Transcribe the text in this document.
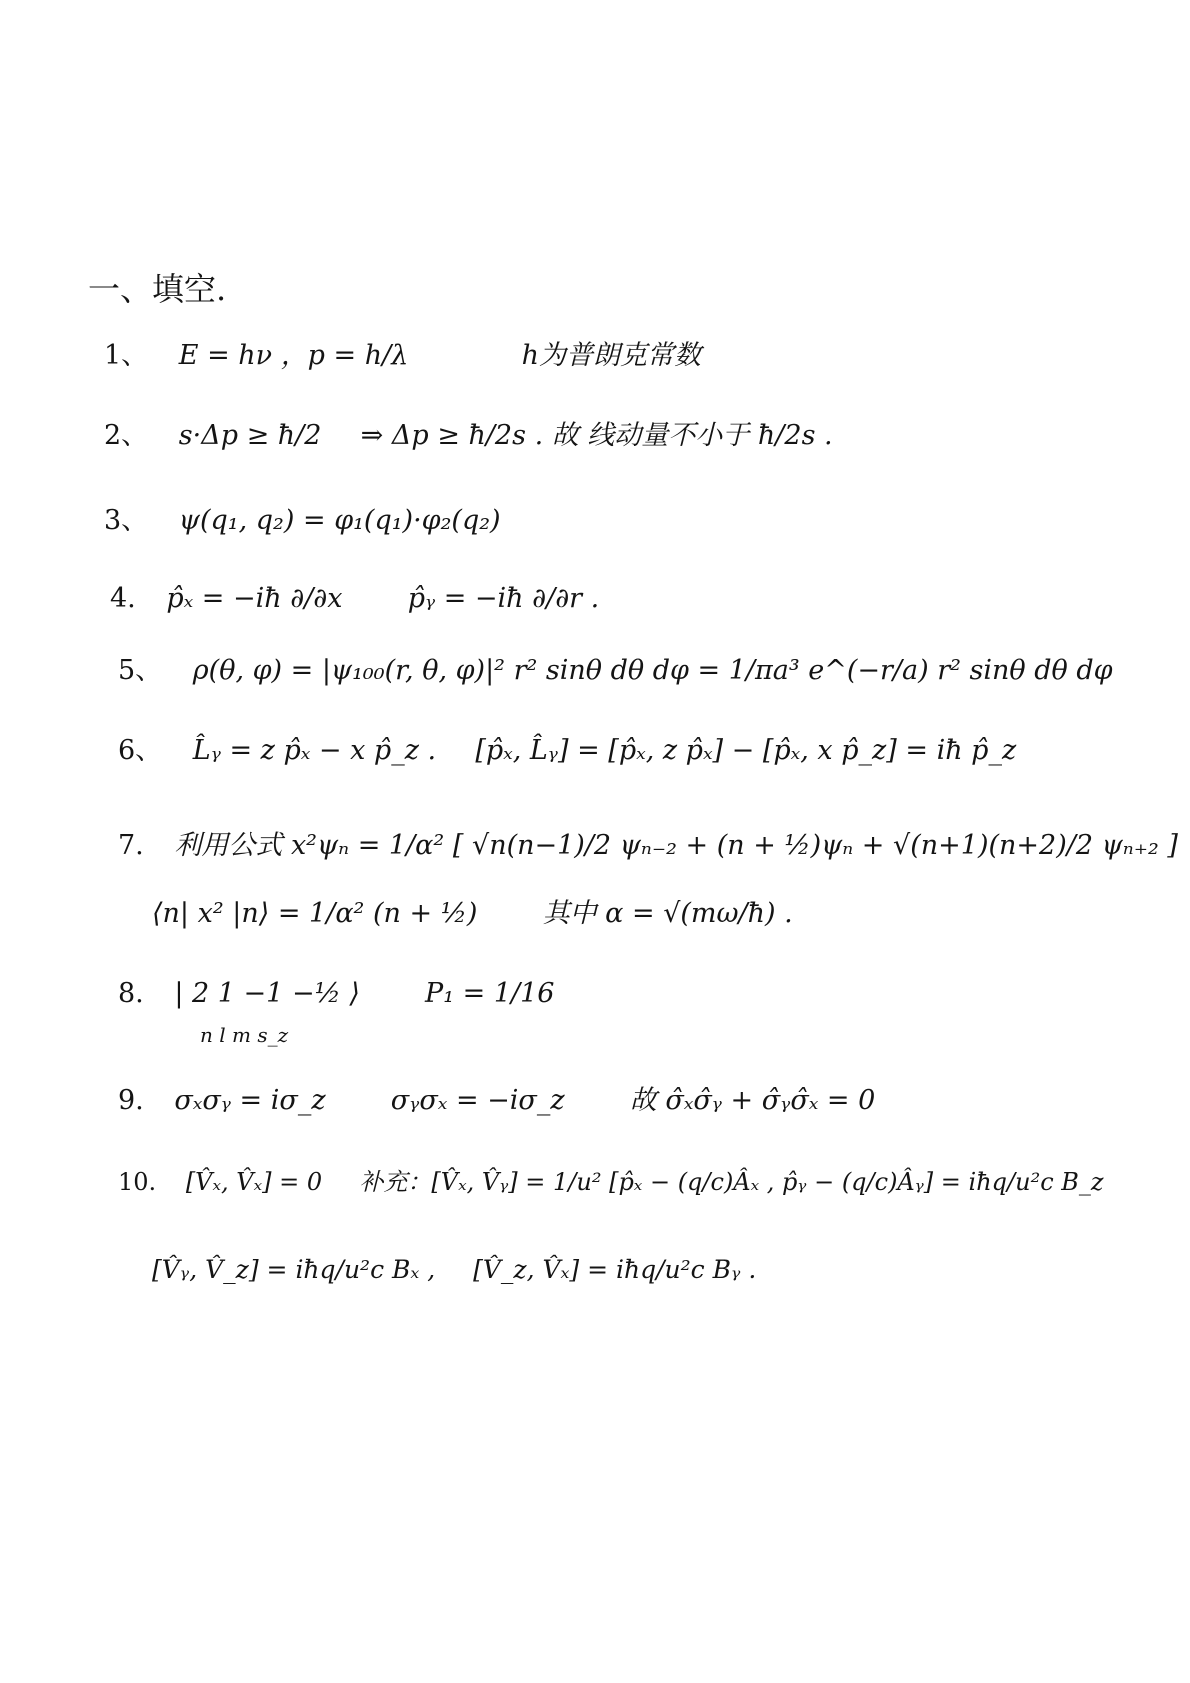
一、填空.
1、 E = hν ，p = h/λ	h为普朗克常数
2、 s·Δp ≥ ħ/2 ⇒ Δp ≥ ħ/2s . 故 线动量不小于 ħ/2s .
3、 ψ(q₁, q₂) = φ₁(q₁)·φ₂(q₂)
4. p̂ₓ = −iħ ∂/∂x p̂ᵧ = −iħ ∂/∂r .
5、 ρ(θ, φ) = |ψ₁₀₀(r, θ, φ)|² r² sinθ dθ dφ = 1/πa³ e^(−r/a) r² sinθ dθ dφ
6、 L̂ᵧ = z p̂ₓ − x p̂_z . [p̂ₓ, L̂ᵧ] = [p̂ₓ, z p̂ₓ] − [p̂ₓ, x p̂_z] = iħ p̂_z
7. 利用公式 x²ψₙ = 1/α² [ √n(n−1)/2 ψₙ₋₂ + (n + ½)ψₙ + √(n+1)(n+2)/2 ψₙ₊₂ ]
⟨n| x² |n⟩ = 1/α² (n + ½) 其中 α = √(mω/ħ) .
8. | 2 1 −1 −½ ⟩ P₁ = 1/16
n l m s_z
9. σₓσᵧ = iσ_z σᵧσₓ = −iσ_z 故 σ̂ₓσ̂ᵧ + σ̂ᵧσ̂ₓ = 0
10. [V̂ₓ, V̂ₓ] = 0 补充：[V̂ₓ, V̂ᵧ] = 1/u² [p̂ₓ − (q/c)Âₓ , p̂ᵧ − (q/c)Âᵧ] = iħq/u²c B_z
[V̂ᵧ, V̂_z] = iħq/u²c Bₓ , [V̂_z, V̂ₓ] = iħq/u²c Bᵧ .
